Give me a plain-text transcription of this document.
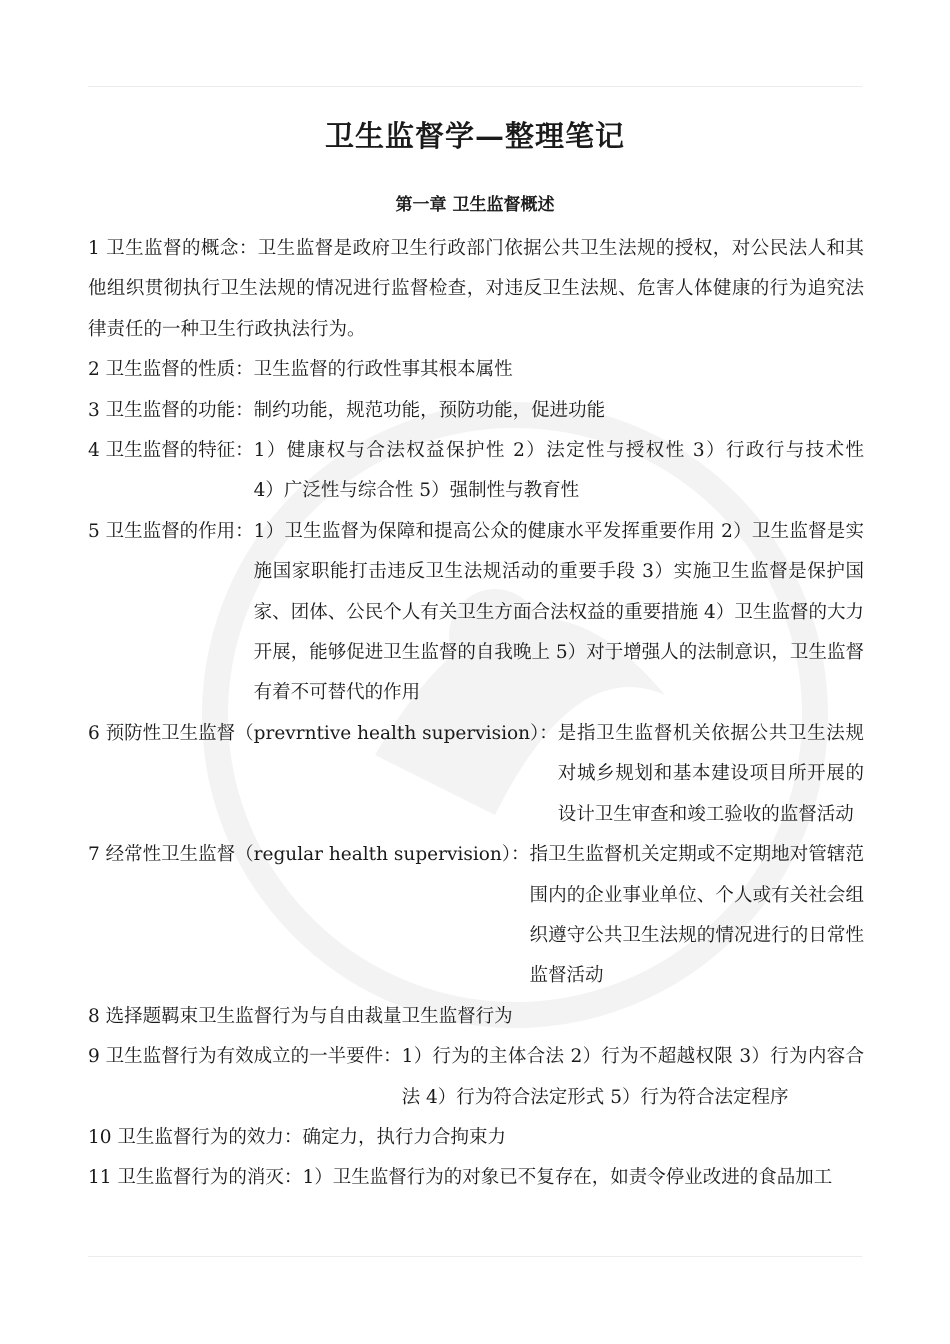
卫生监督学—整理笔记
第一章 卫生监督概述

1 卫生监督的概念：卫生监督是政府卫生行政部门依据公共卫生法规的授权，对公民法人和其他组织贯彻执行卫生法规的情况进行监督检查，对违反卫生法规、危害人体健康的行为追究法律责任的一种卫生行政执法行为。

2 卫生监督的性质： 卫生监督的行政性事其根本属性

3 卫生监督的功能： 制约功能，规范功能，预防功能，促进功能

4 卫生监督的特征： 1）健康权与合法权益保护性 2）法定性与授权性 3）行政行与技术性　　 4）广泛性与综合性 5）强制性与教育性

5 卫生监督的作用： 1）卫生监督为保障和提高公众的健康水平发挥重要作用 2）卫生监督是实施国家职能打击违反卫生法规活动的重要手段 3）实施卫生监督是保护国家、团体、公民个人有关卫生方面合法权益的重要措施 4）卫生监督的大力开展，能够促进卫生监督的自我晚上 5）对于增强人的法制意识，卫生监督有着不可替代的作用

6 预防性卫生监督（prevrntive health supervision）： 是指卫生监督机关依据公共卫生法规对城乡规划和基本建设项目所开展的设计卫生审查和竣工验收的监督活动

7 经常性卫生监督（regular health supervision）： 指卫生监督机关定期或不定期地对管辖范围内的企业事业单位、个人或有关社会组织遵守公共卫生法规的情况进行的日常性监督活动

8 选择题 羁束卫生监督行为与自由裁量卫生监督行为

9 卫生监督行为有效成立的一半要件： 1）行为的主体合法 2）行为不超越权限 3）行为内容合法 4）行为符合法定形式 5）行为符合法定程序

10 卫生监督行为的效力： 确定力，执行力合拘束力

11 卫生监督行为的消灭： 1）卫生监督行为的对象已不复存在，如责令停业改进的食品加工
